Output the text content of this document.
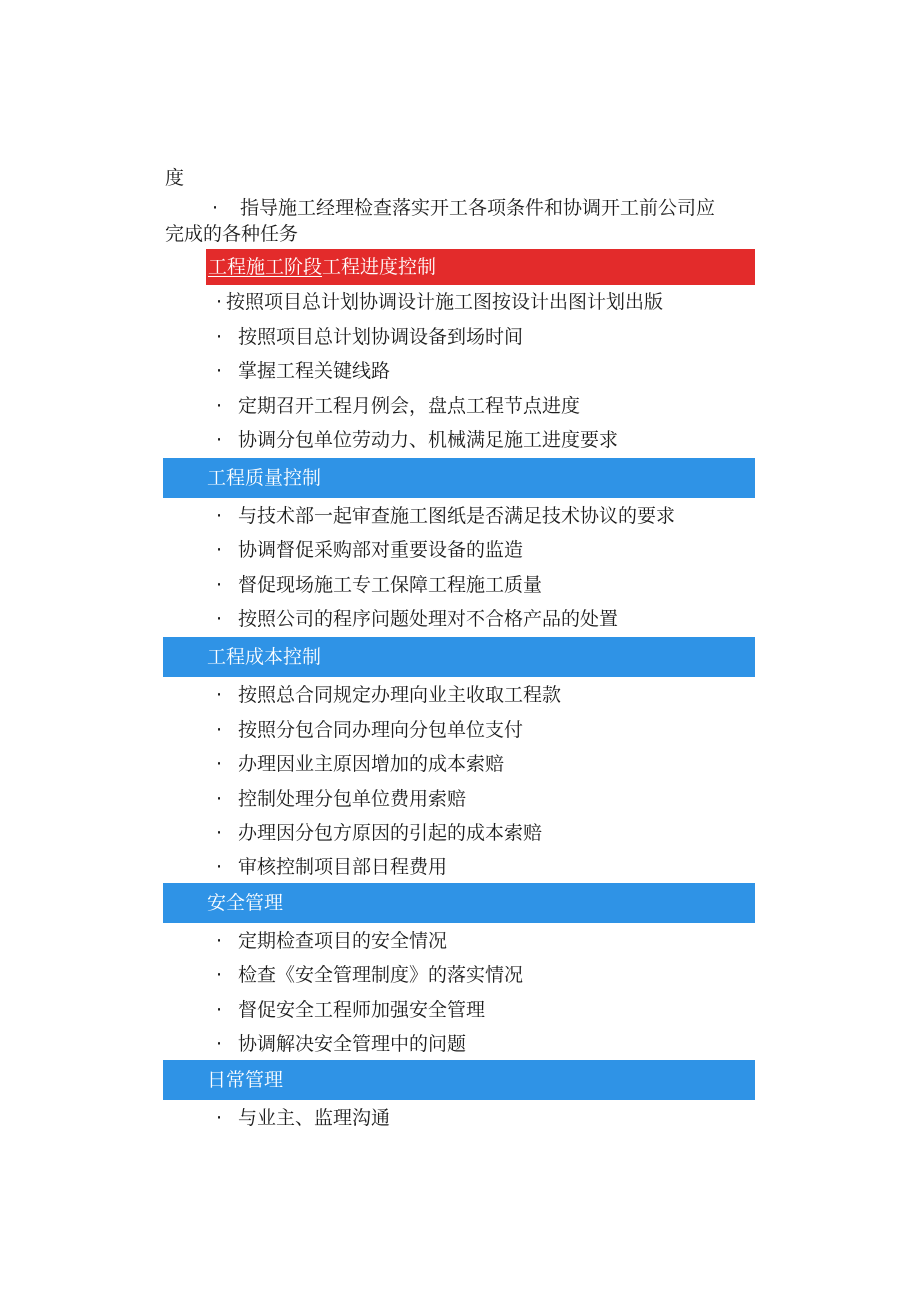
度
· 指导施工经理检查落实开工各项条件和协调开工前公司应
完成的各种任务
工程施工阶段工程进度控制
· 按照项目总计划协调设计施工图按设计出图计划出版
· 按照项目总计划协调设备到场时间
· 掌握工程关键线路
· 定期召开工程月例会，盘点工程节点进度
· 协调分包单位劳动力、机械满足施工进度要求
工程质量控制
· 与技术部一起审查施工图纸是否满足技术协议的要求
· 协调督促采购部对重要设备的监造
· 督促现场施工专工保障工程施工质量
· 按照公司的程序问题处理对不合格产品的处置
工程成本控制
· 按照总合同规定办理向业主收取工程款
· 按照分包合同办理向分包单位支付
· 办理因业主原因增加的成本索赔
· 控制处理分包单位费用索赔
· 办理因分包方原因的引起的成本索赔
· 审核控制项目部日程费用
安全管理
· 定期检查项目的安全情况
· 检查《安全管理制度》的落实情况
· 督促安全工程师加强安全管理
· 协调解决安全管理中的问题
日常管理
· 与业主、监理沟通
